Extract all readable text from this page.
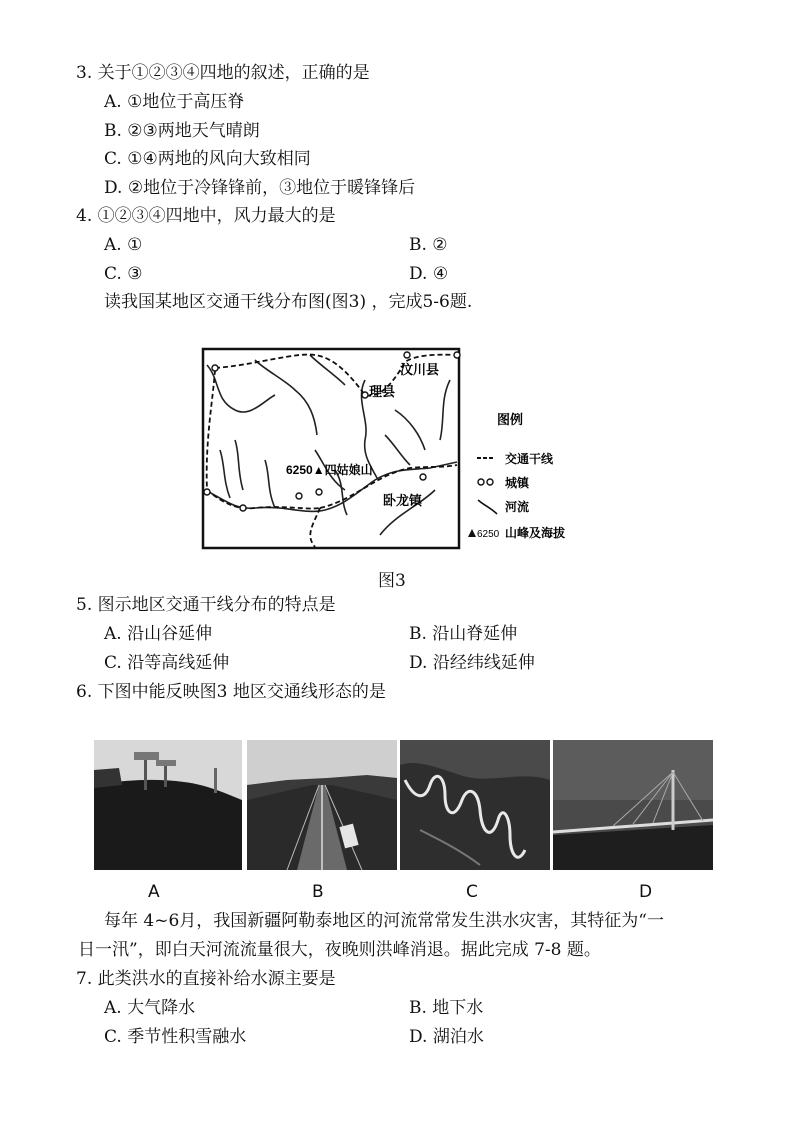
3. 关于①②③④四地的叙述，正确的是
A. ①地位于高压脊
B. ②③两地天气晴朗
C. ①④两地的风向大致相同
D. ②地位于冷锋锋前，③地位于暖锋锋后
4. ①②③④四地中，风力最大的是
A. ①	B. ②
C. ③	D. ④
读我国某地区交通干线分布图(图3) ，完成5-6题.
汶川县
理县
6250▲四姑娘山
卧龙镇
图例
交通干线
城镇
河流
6250 山峰及海拔
图3
5. 图示地区交通干线分布的特点是
A. 沿山谷延伸	B. 沿山脊延伸
C. 沿等高线延伸	D. 沿经纬线延伸
6. 下图中能反映图3 地区交通线形态的是
A	B	C	D
每年 4~6月，我国新疆阿勒泰地区的河流常常发生洪水灾害，其特征为“一
日一汛”，即白天河流流量很大，夜晚则洪峰消退。据此完成 7-8 题。
7. 此类洪水的直接补给水源主要是
A. 大气降水	B. 地下水
C. 季节性积雪融水	D. 湖泊水
